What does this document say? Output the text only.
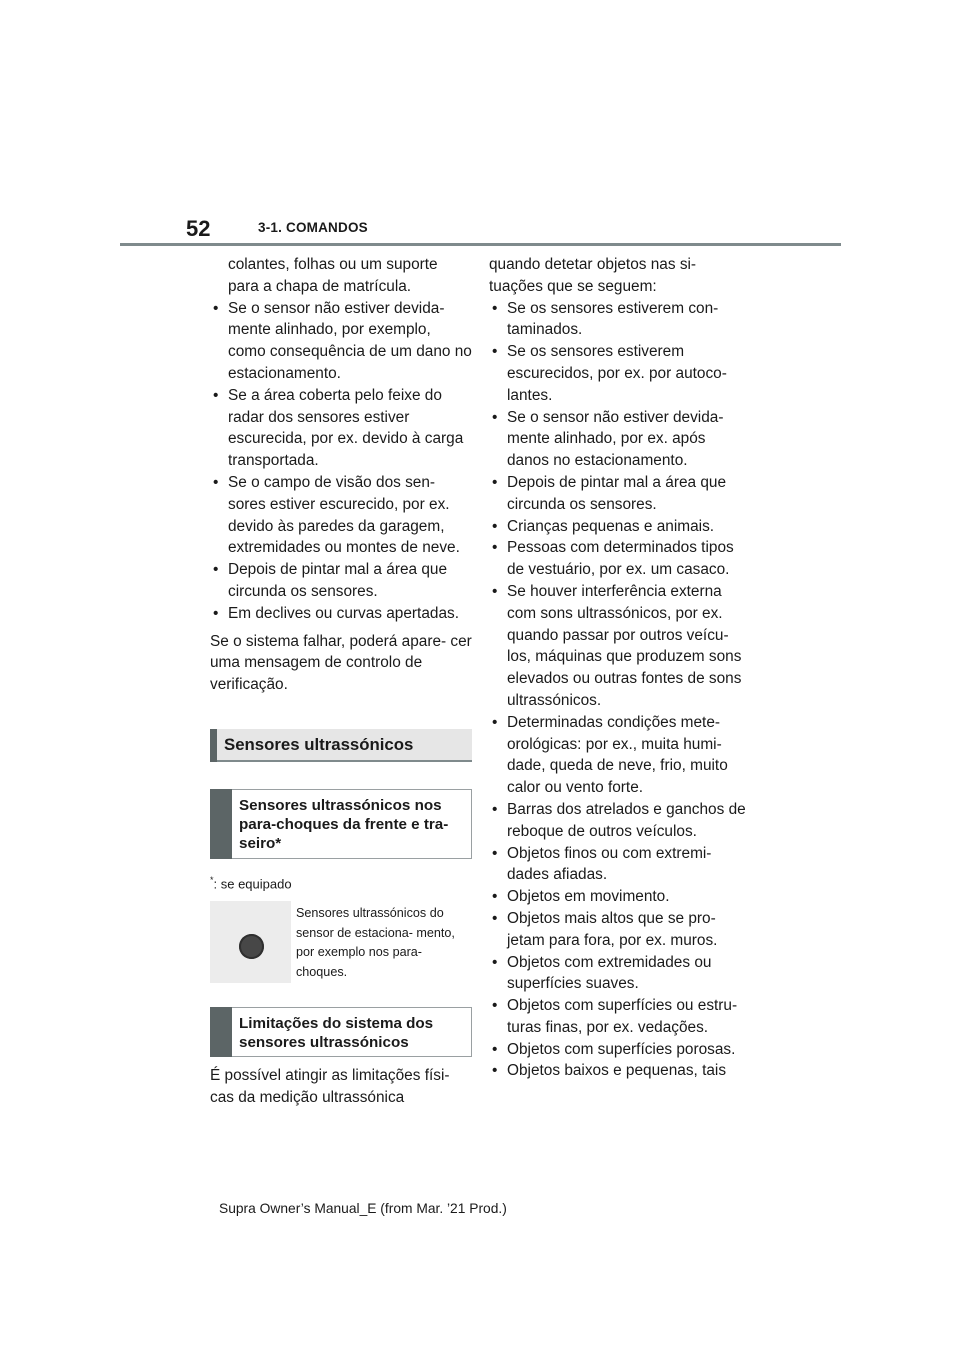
52	3-1. COMANDOS
colantes, folhas ou um suporte para a chapa de matrícula.
• Se o sensor não estiver devida- mente alinhado, por exemplo, como consequência de um dano no estacionamento.
• Se a área coberta pelo feixe do radar dos sensores estiver escurecida, por ex. devido à carga transportada.
• Se o campo de visão dos sen- sores estiver escurecido, por ex. devido às paredes da garagem, extremidades ou montes de neve.
• Depois de pintar mal a área que circunda os sensores.
• Em declives ou curvas apertadas.
Se o sistema falhar, poderá apare- cer uma mensagem de controlo de verificação.
Sensores ultrassónicos
Sensores ultrassónicos nos para-choques da frente e tra- seiro*
*: se equipado
Sensores ultrassónicos do sensor de estaciona- mento, por exemplo nos para-choques.
Limitações do sistema dos sensores ultrassónicos
É possível atingir as limitações físi- cas da medição ultrassónica
quando detetar objetos nas si- tuações que se seguem:
• Se os sensores estiverem con- taminados.
• Se os sensores estiverem escurecidos, por ex. por autoco- lantes.
• Se o sensor não estiver devida- mente alinhado, por ex. após danos no estacionamento.
• Depois de pintar mal a área que circunda os sensores.
• Crianças pequenas e animais.
• Pessoas com determinados tipos de vestuário, por ex. um casaco.
• Se houver interferência externa com sons ultrassónicos, por ex. quando passar por outros veícu- los, máquinas que produzem sons elevados ou outras fontes de sons ultrassónicos.
• Determinadas condições mete- orológicas: por ex., muita humi- dade, queda de neve, frio, muito calor ou vento forte.
• Barras dos atrelados e ganchos de reboque de outros veículos.
• Objetos finos ou com extremi- dades afiadas.
• Objetos em movimento.
• Objetos mais altos que se pro- jetam para fora, por ex. muros.
• Objetos com extremidades ou superfícies suaves.
• Objetos com superfícies ou estru- turas finas, por ex. vedações.
• Objetos com superfícies porosas.
• Objetos baixos e pequenas, tais
Supra Owner’s Manual_E (from Mar. ’21 Prod.)
